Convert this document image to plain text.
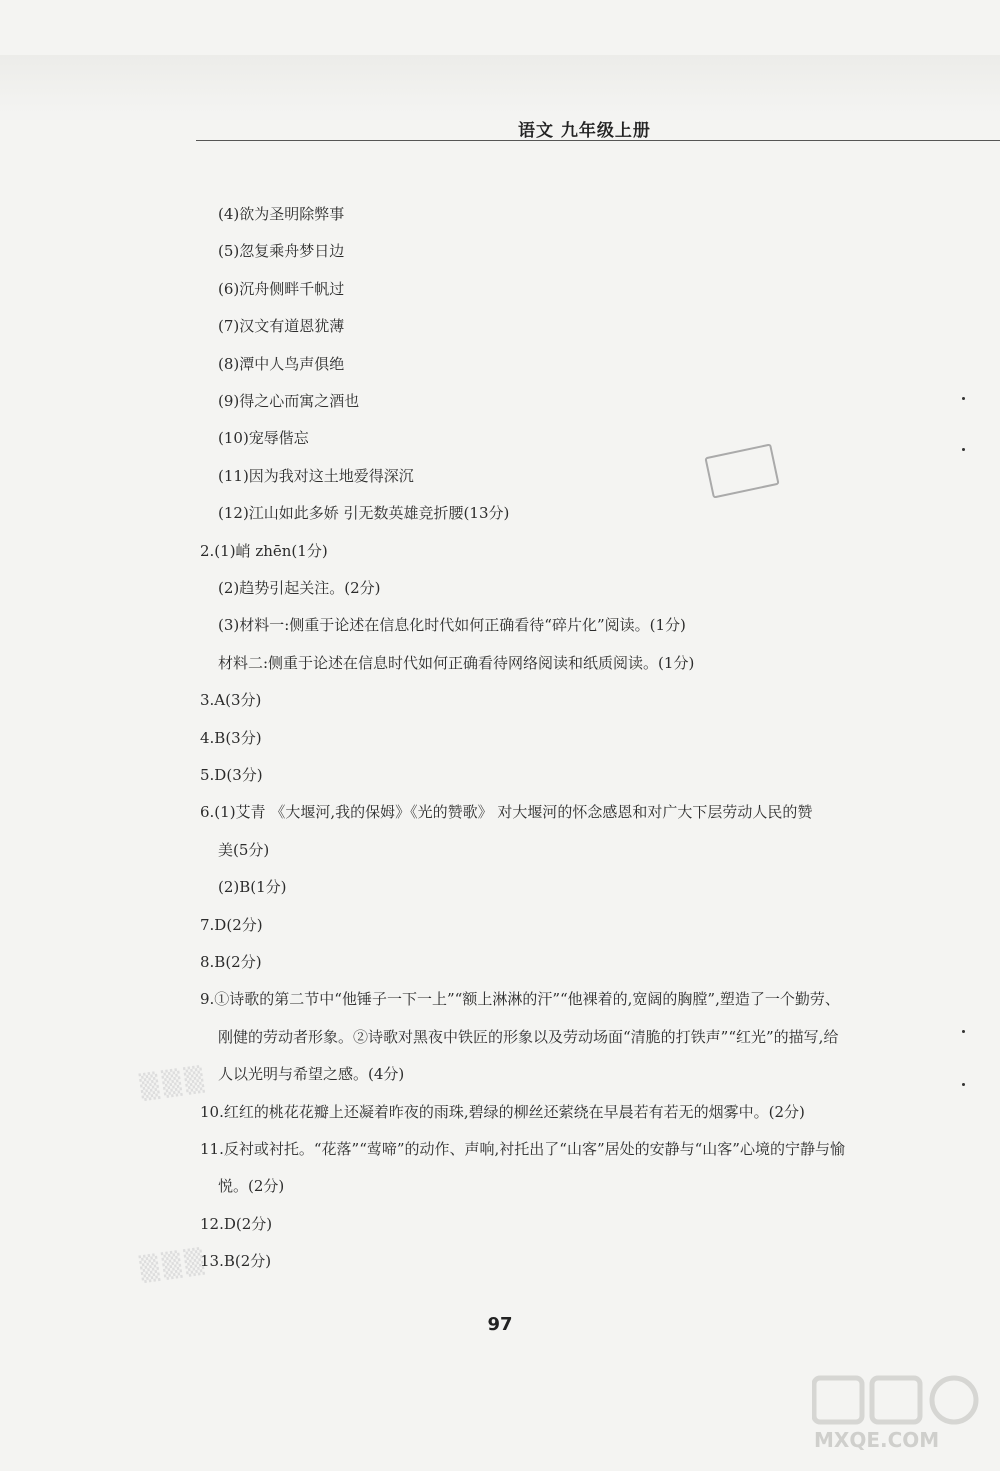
语文 九年级上册
(4)欲为圣明除弊事
(5)忽复乘舟梦日边
(6)沉舟侧畔千帆过
(7)汉文有道恩犹薄
(8)潭中人鸟声俱绝
(9)得之心而寓之酒也
(10)宠辱偕忘
(11)因为我对这土地爱得深沉
(12)江山如此多娇 引无数英雄竞折腰(13分)
2.(1)峭 zhēn(1分)
(2)趋势引起关注。(2分)
(3)材料一:侧重于论述在信息化时代如何正确看待“碎片化”阅读。(1分)
材料二:侧重于论述在信息时代如何正确看待网络阅读和纸质阅读。(1分)
3.A(3分)
4.B(3分)
5.D(3分)
6.(1)艾青 《大堰河,我的保姆》《光的赞歌》 对大堰河的怀念感恩和对广大下层劳动人民的赞
美(5分)
(2)B(1分)
7.D(2分)
8.B(2分)
9.①诗歌的第二节中“他锤子一下一上”“额上淋淋的汗”“他裸着的,宽阔的胸膛”,塑造了一个勤劳、
刚健的劳动者形象。②诗歌对黑夜中铁匠的形象以及劳动场面“清脆的打铁声”“红光”的描写,给
人以光明与希望之感。(4分)
10.红红的桃花花瓣上还凝着昨夜的雨珠,碧绿的柳丝还萦绕在早晨若有若无的烟雾中。(2分)
11.反衬或衬托。“花落”“莺啼”的动作、声响,衬托出了“山客”居处的安静与“山客”心境的宁静与愉
悦。(2分)
12.D(2分)
13.B(2分)
▒▒▒
▒▒▒
97
MXQE.COM
